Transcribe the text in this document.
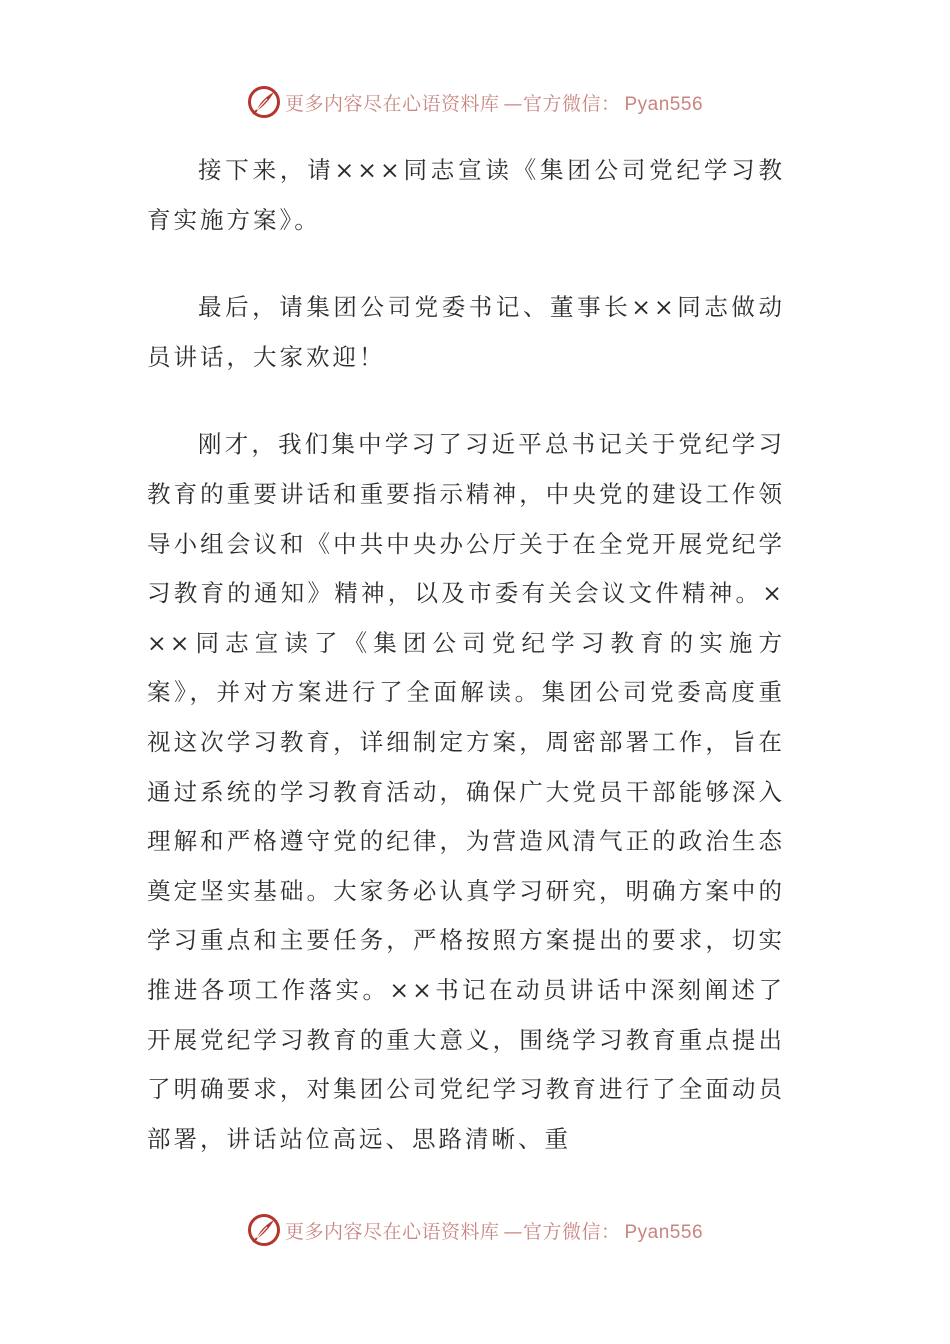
更多内容尽在心语资料库 —官方微信： Pyan556

接下来，请×××同志宣读《集团公司党纪学习教育实施方案》。

最后，请集团公司党委书记、董事长××同志做动员讲话，大家欢迎！

刚才，我们集中学习了习近平总书记关于党纪学习教育的重要讲话和重要指示精神，中央党的建设工作领导小组会议和《中共中央办公厅关于在全党开展党纪学习教育的通知》精神，以及市委有关会议文件精神。×××同志宣读了《集团公司党纪学习教育的实施方案》，并对方案进行了全面解读。集团公司党委高度重视这次学习教育，详细制定方案，周密部署工作，旨在通过系统的学习教育活动，确保广大党员干部能够深入理解和严格遵守党的纪律，为营造风清气正的政治生态奠定坚实基础。大家务必认真学习研究，明确方案中的学习重点和主要任务，严格按照方案提出的要求，切实推进各项工作落实。××书记在动员讲话中深刻阐述了开展党纪学习教育的重大意义，围绕学习教育重点提出了明确要求，对集团公司党纪学习教育进行了全面动员部署，讲话站位高远、思路清晰、重

更多内容尽在心语资料库 —官方微信： Pyan556
